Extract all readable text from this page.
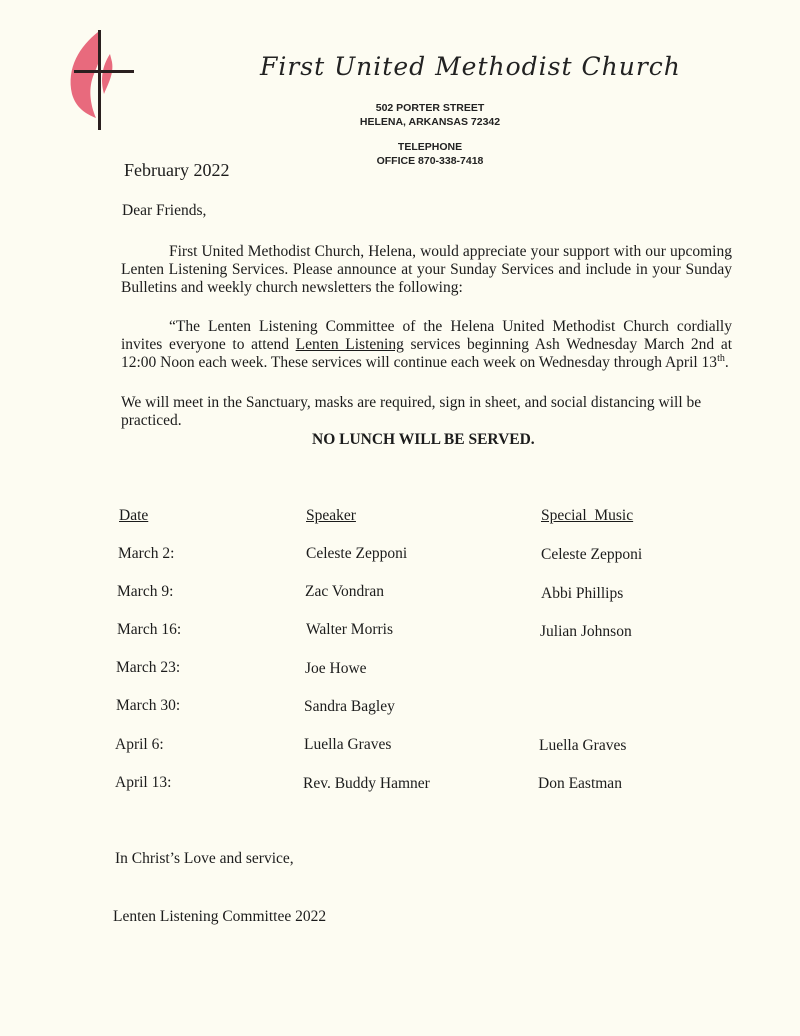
First United Methodist Church
502 PORTER STREET
HELENA, ARKANSAS 72342
TELEPHONE
OFFICE 870-338-7418
February 2022
Dear Friends,
First United Methodist Church, Helena, would appreciate your support with our upcoming Lenten Listening Services. Please announce at your Sunday Services and include in your Sunday Bulletins and weekly church newsletters the following:
“The Lenten Listening Committee of the Helena United Methodist Church cordially invites everyone to attend Lenten Listening services beginning Ash Wednesday March 2nd at 12:00 Noon each week. These services will continue each week on Wednesday through April 13th.
We will meet in the Sanctuary, masks are required, sign in sheet, and social distancing will be practiced.
NO LUNCH WILL BE SERVED.
Date	Speaker	Special  Music
March 2:	Celeste Zepponi	Celeste Zepponi
March 9:	Zac Vondran	Abbi Phillips
March 16:	Walter Morris	Julian Johnson
March 23:	Joe Howe
March 30:	Sandra Bagley
April 6:	Luella Graves	Luella Graves
April 13:	Rev. Buddy Hamner	Don Eastman
In Christ’s Love and service,
Lenten Listening Committee 2022
